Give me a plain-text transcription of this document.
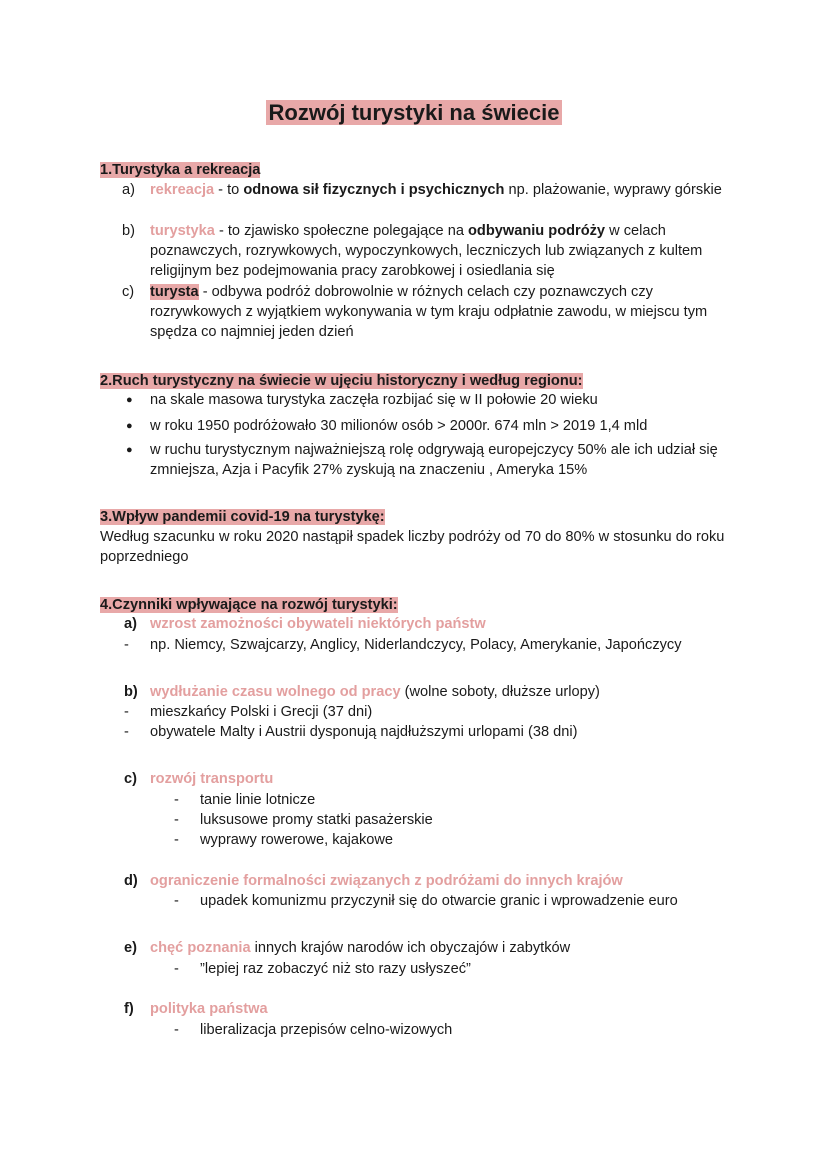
Rozwój turystyki na świecie
1.Turystyka a rekreacja
a) rekreacja - to odnowa sił fizycznych i psychicznych np. plażowanie, wyprawy górskie
b) turystyka - to zjawisko społeczne polegające na odbywaniu podróży w celach poznawczych, rozrywkowych, wypoczynkowych, leczniczych lub związanych z kultem religijnym bez podejmowania pracy zarobkowej i osiedlania się
c) turysta - odbywa podróż dobrowolnie w różnych celach czy poznawczych czy rozrywkowych z wyjątkiem wykonywania w tym kraju odpłatnie zawodu, w miejscu tym spędza co najmniej jeden dzień
2.Ruch turystyczny na świecie w ujęciu historyczny i według regionu:
● na skale masowa turystyka zaczęła rozbijać się w II połowie 20 wieku
● w roku 1950 podróżowało 30 milionów osób > 2000r. 674 mln > 2019 1,4 mld
● w ruchu turystycznym najważniejszą rolę odgrywają europejczycy 50% ale ich udział się zmniejsza, Azja i Pacyfik 27% zyskują na znaczeniu , Ameryka 15%
3.Wpływ pandemii covid-19 na turystykę:
Według szacunku w roku 2020 nastąpił spadek liczby podróży od 70 do 80% w stosunku do roku poprzedniego
4.Czynniki wpływające na rozwój turystyki:
a) wzrost zamożności obywateli niektórych państw
- np. Niemcy, Szwajcarzy, Anglicy, Niderlandczycy, Polacy, Amerykanie, Japończycy
b) wydłużanie czasu wolnego od pracy (wolne soboty, dłuższe urlopy)
- mieszkańcy Polski i Grecji (37 dni)
- obywatele Malty i Austrii dysponują najdłuższymi urlopami (38 dni)
c) rozwój transportu
- tanie linie lotnicze
- luksusowe promy statki pasażerskie
- wyprawy rowerowe, kajakowe
d) ograniczenie formalności związanych z podróżami do innych krajów
- upadek komunizmu przyczynił się do otwarcie granic i wprowadzenie euro
e) chęć poznania innych krajów narodów ich obyczajów i zabytków
- ”lepiej raz zobaczyć niż sto razy usłyszeć”
f) polityka państwa
- liberalizacja przepisów celno-wizowych
